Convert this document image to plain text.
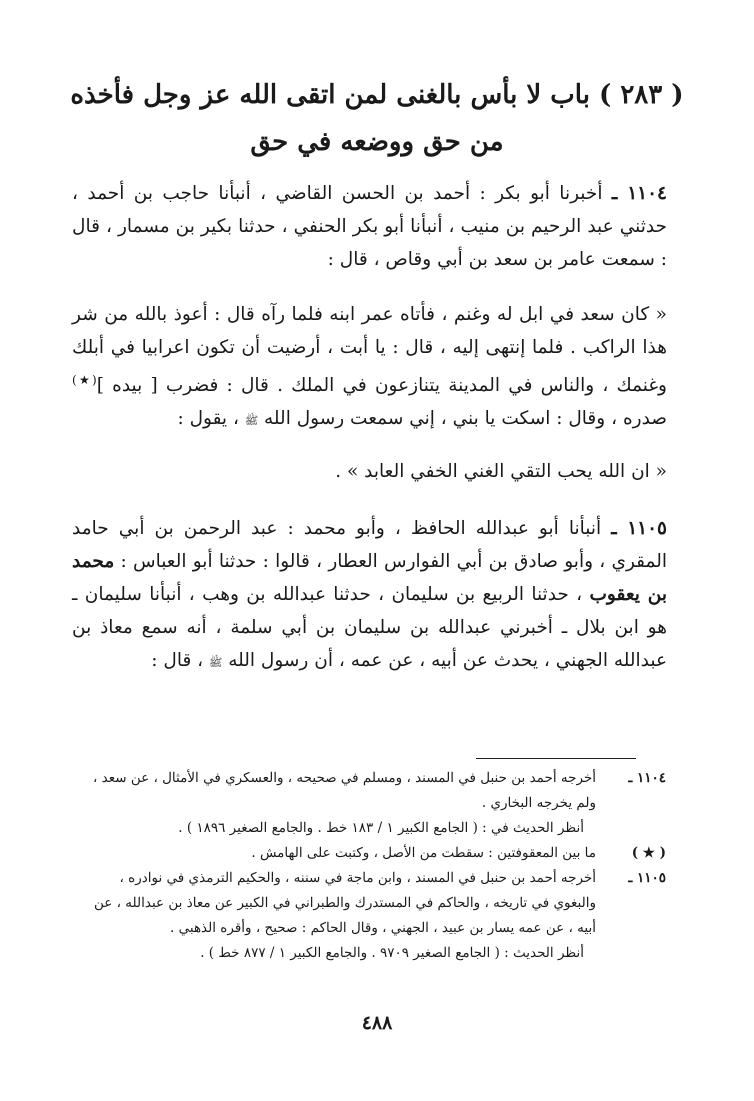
( ٢٨٣ ) باب لا بأس بالغنى لمن اتقى الله عز وجل فأخذه من حق ووضعه في حق

١١٠٤ ـ أخبرنا أبو بكر : أحمد بن الحسن القاضي ، أنبأنا حاجب بن أحمد ، حدثني عبد الرحيم بن منيب ، أنبأنا أبو بكر الحنفي ، حدثنا بكير بن مسمار ، قال : سمعت عامر بن سعد بن أبي وقاص ، قال :

« كان سعد في ابل له وغنم ، فأتاه عمر ابنه فلما رآه قال : أعوذ بالله من شر هذا الراكب . فلما إنتهى إليه ، قال : يا أبت ، أرضيت أن تكون اعرابيا في أبلك وغنمك ، والناس في المدينة يتنازعون في الملك . قال : فضرب [ بيده ](★) صدره ، وقال : اسكت يا بني ، إني سمعت رسول الله ﷺ ، يقول :

« ان الله يحب التقي الغني الخفي العابد » .

١١٠٥ ـ أنبأنا أبو عبدالله الحافظ ، وأبو محمد : عبد الرحمن بن أبي حامد المقري ، وأبو صادق بن أبي الفوارس العطار ، قالوا : حدثنا أبو العباس : محمد بن يعقوب ، حدثنا الربيع بن سليمان ، حدثنا عبدالله بن وهب ، أنبأنا سليمان ـ هو ابن بلال ـ أخبرني عبدالله بن سليمان بن أبي سلمة ، أنه سمع معاذ بن عبدالله الجهني ، يحدث عن أبيه ، عن عمه ، أن رسول الله ﷺ ، قال :

١١٠٤ ـ
أخرجه أحمد بن حنبل في المسند ، ومسلم في صحيحه ، والعسكري في الأمثال ، عن سعد ، ولم يخرجه البخاري .
أنظر الحديث في : ( الجامع الكبير ١ / ١٨٣ خط . والجامع الصغير ١٨٩٦ ) .
( ★ )
ما بين المعقوفتين : سقطت من الأصل ، وكتبت على الهامش .
١١٠٥ ـ
أخرجه أحمد بن حنبل في المسند ، وابن ماجة في سننه ، والحكيم الترمذي في نوادره ، والبغوي في تاريخه ، والحاكم في المستدرك والطبراني في الكبير عن معاذ بن عبدالله ، عن أبيه ، عن عمه يسار بن عبيد ، الجهني ، وقال الحاكم : صحيح ، وأقره الذهبي .
أنظر الحديث : ( الجامع الصغير ٩٧٠٩ . والجامع الكبير ١ / ٨٧٧ خط ) .
٤٨٨
